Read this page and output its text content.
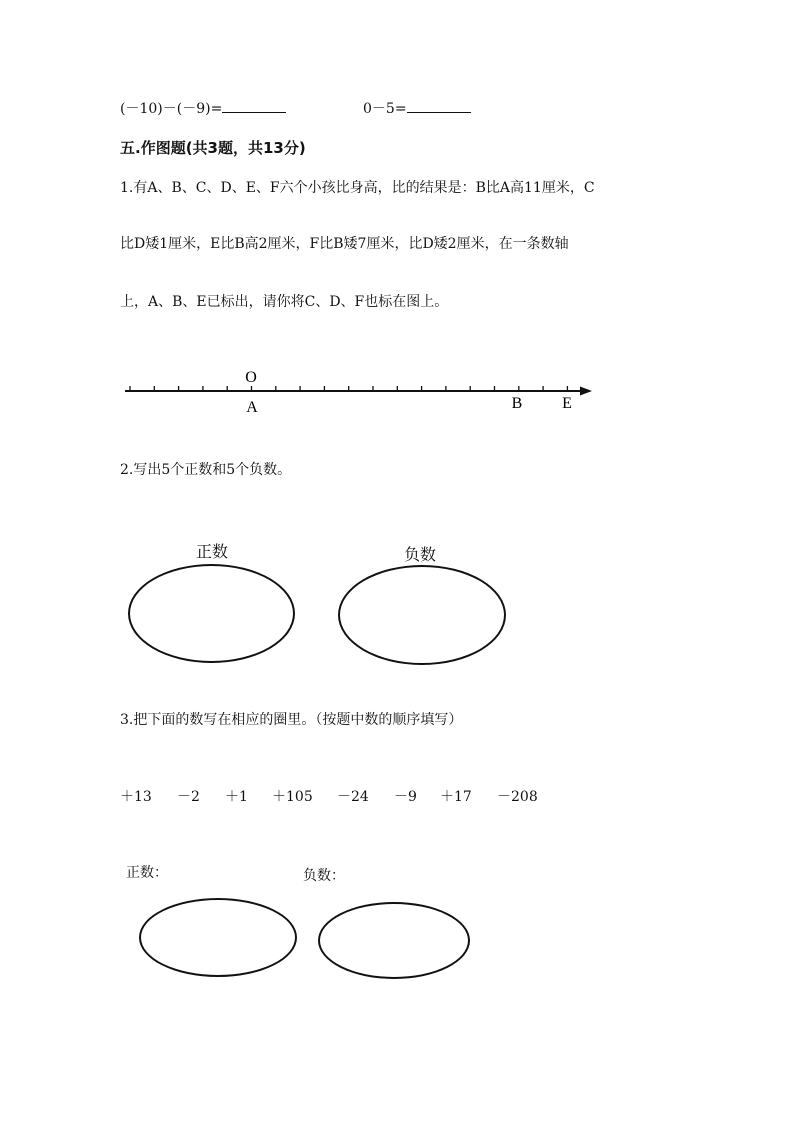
(－10)－(－9)=	0－5=
五.作图题(共3题，共13分)
1.有A、B、C、D、E、F六个小孩比身高，比的结果是：B比A高11厘米，C
比D矮1厘米，E比B高2厘米，F比B矮7厘米，比D矮2厘米，在一条数轴
上，A、B、E已标出，请你将C、D、F也标在图上。
O
A	B E
2.写出5个正数和5个负数。
正数	负数
3.把下面的数写在相应的圈里。（按题中数的顺序填写）
＋13 －2 ＋1 ＋105 －24 －9 ＋17 －208
正数：	负数：
